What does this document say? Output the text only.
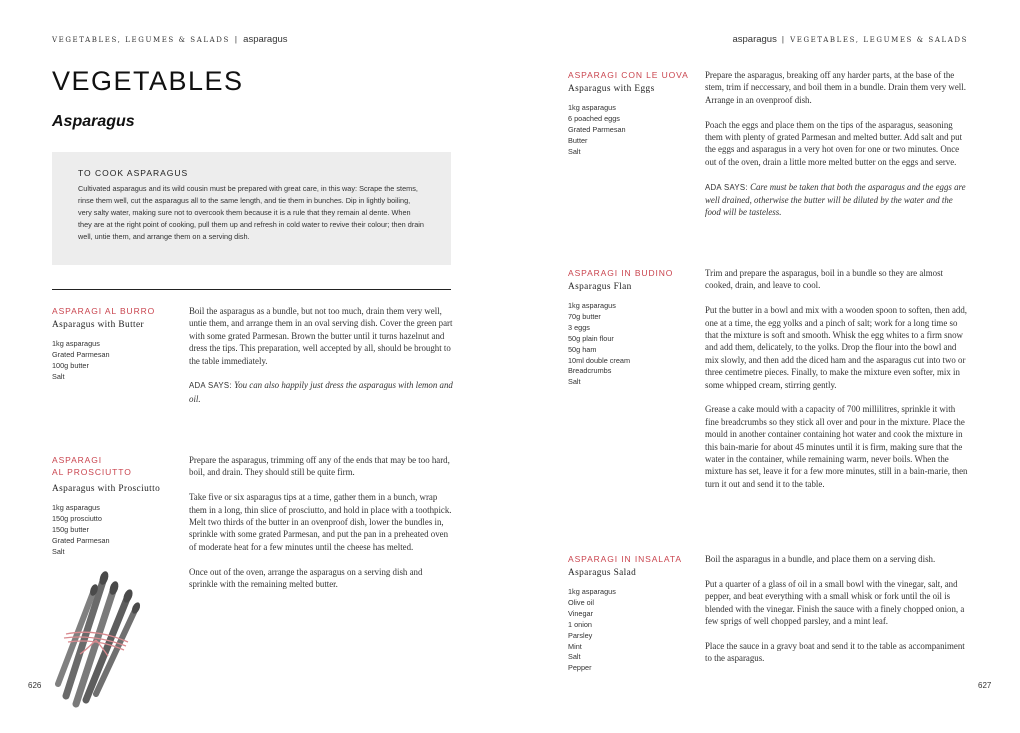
VEGETABLES, LEGUMES & SALADS | asparagus	asparagus | VEGETABLES, LEGUMES & SALADS
VEGETABLES
Asparagus
TO COOK ASPARAGUS
Cultivated asparagus and its wild cousin must be prepared with great care, in this way: Scrape the stems, rinse them well, cut the asparagus all to the same length, and tie them in bunches. Dip in lightly boiling, very salty water, making sure not to overcook them because it is a rule that they remain al dente. When they are at the right point of cooking, pull them up and refresh in cold water to revive their colour; then drain well, untie them, and arrange them on a serving dish.
ASPARAGI AL BURRO
Asparagus with Butter
1kg asparagus
Grated Parmesan
100g butter
Salt

Boil the asparagus as a bundle, but not too much, drain them very well, untie them, and arrange them in an oval serving dish. Cover the green part with some grated Parmesan. Brown the butter until it turns hazelnut and dress the tips. This preparation, well accepted by all, should be brought to the table immediately.

ADA SAYS: You can also happily just dress the asparagus with lemon and oil.

ASPARAGI
AL PROSCIUTTO
Asparagus with Prosciutto
1kg asparagus
150g prosciutto
150g butter
Grated Parmesan
Salt

Prepare the asparagus, trimming off any of the ends that may be too hard, boil, and drain. They should still be quite firm.

Take five or six asparagus tips at a time, gather them in a bunch, wrap them in a long, thin slice of prosciutto, and hold in place with a toothpick. Melt two thirds of the butter in an ovenproof dish, lower the bundles in, sprinkle with some grated Parmesan, and put the pan in a preheated oven of moderate heat for a few minutes until the cheese has melted.

Once out of the oven, arrange the asparagus on a serving dish and sprinkle with the remaining melted butter.

ASPARAGI CON LE UOVA
Asparagus with Eggs
1kg asparagus
6 poached eggs
Grated Parmesan
Butter
Salt

Prepare the asparagus, breaking off any harder parts, at the base of the stem, trim if neccessary, and boil them in a bundle. Drain them very well. Arrange in an ovenproof dish.

Poach the eggs and place them on the tips of the asparagus, seasoning them with plenty of grated Parmesan and melted butter. Add salt and put the eggs and asparagus in a very hot oven for one or two minutes. Once out of the oven, drain a little more melted butter on the eggs and serve.

ADA SAYS: Care must be taken that both the asparagus and the eggs are well drained, otherwise the butter will be diluted by the water and the food will be tasteless.

ASPARAGI IN BUDINO
Asparagus Flan
1kg asparagus
70g butter
3 eggs
50g plain flour
50g ham
10ml double cream
Breadcrumbs
Salt

Trim and prepare the asparagus, boil in a bundle so they are almost cooked, drain, and leave to cool.

Put the butter in a bowl and mix with a wooden spoon to soften, then add, one at a time, the egg yolks and a pinch of salt; work for a long time so that the mixture is soft and smooth. Whisk the egg whites to a firm snow and add them, delicately, to the yolks. Drop the flour into the bowl and mix slowly, and then add the diced ham and the asparagus cut into two or three centimetre pieces. Finally, to make the mixture even softer, mix in some whipped cream, stirring gently.

Grease a cake mould with a capacity of 700 millilitres, sprinkle it with fine breadcrumbs so they stick all over and pour in the mixture. Place the mould in another container containing hot water and cook the mixture in this bain-marie for about 45 minutes until it is firm, making sure that the water in the container, while remaining warm, never boils. When the mixture has set, leave it for a few more minutes, still in a bain-marie, then turn it out and send it to the table.

ASPARAGI IN INSALATA
Asparagus Salad
1kg asparagus
Olive oil
Vinegar
1 onion
Parsley
Mint
Salt
Pepper

Boil the asparagus in a bundle, and place them on a serving dish.

Put a quarter of a glass of oil in a small bowl with the vinegar, salt, and pepper, and beat everything with a small whisk or fork until the oil is blended with the vinegar. Finish the sauce with a finely chopped onion, a few sprigs of well chopped parsley, and a mint leaf.

Place the sauce in a gravy boat and send it to the table as accompaniment to the asparagus.

626	627
